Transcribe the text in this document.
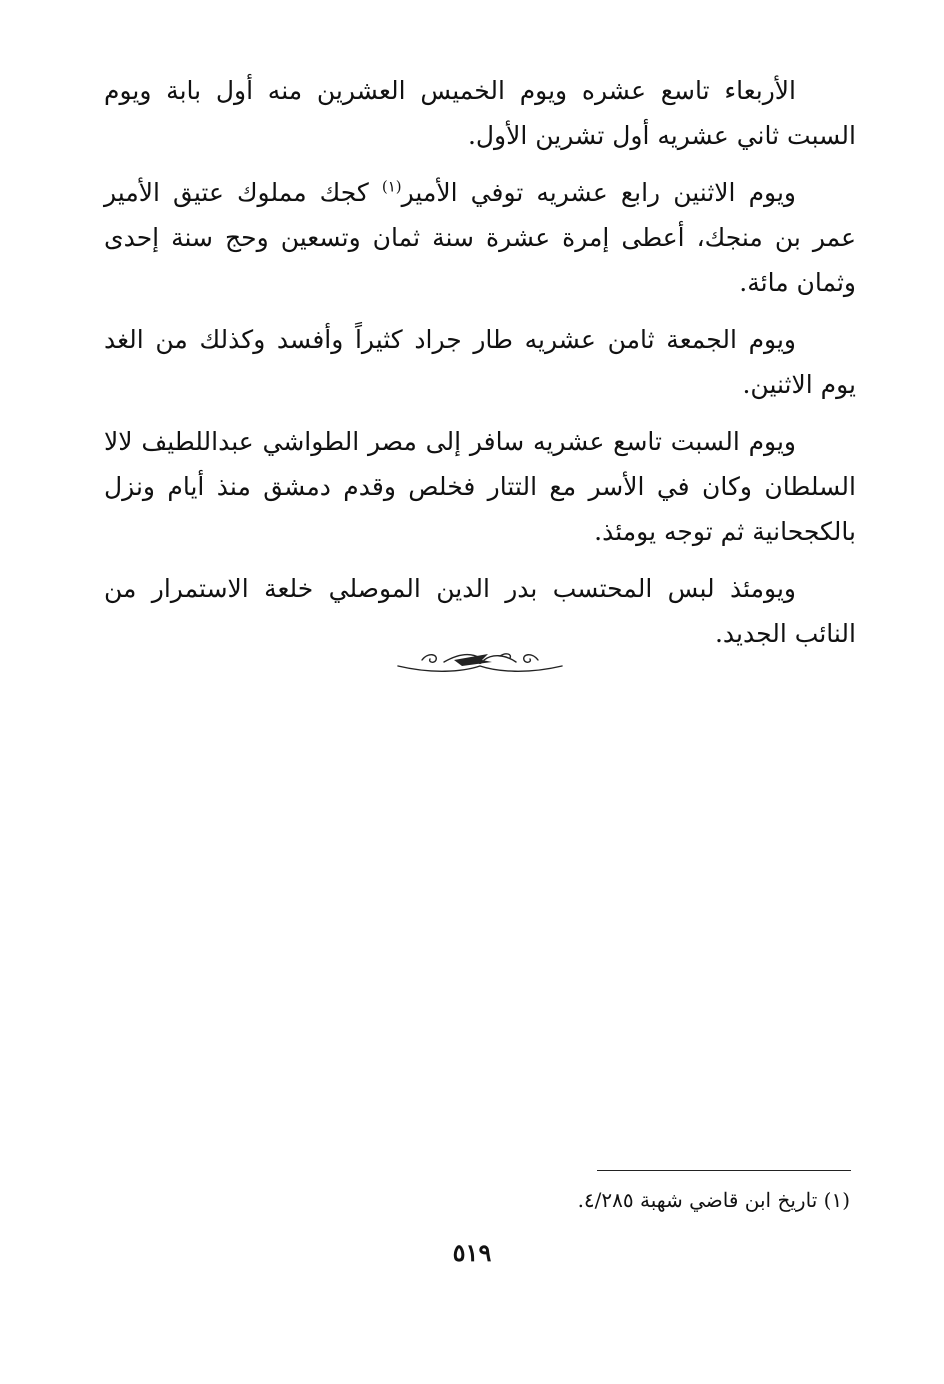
الأربعاء تاسع عشره ويوم الخميس العشرين منه أول بابة ويوم السبت ثاني عشريه أول تشرين الأول.

ويوم الاثنين رابع عشريه توفي الأمير$^{(١)}$ كجك مملوك عتيق الأمير عمر بن منجك، أعطى إمرة عشرة سنة ثمان وتسعين وحج سنة إحدى وثمان مائة.

ويوم الجمعة ثامن عشريه طار جراد كثيراً وأفسد وكذلك من الغد يوم الاثنين.

ويوم السبت تاسع عشريه سافر إلى مصر الطواشي عبداللطيف لالا السلطان وكان في الأسر مع التتار فخلص وقدم دمشق منذ أيام ونزل بالكجحانية ثم توجه يومئذ.

ويومئذ لبس المحتسب بدر الدين الموصلي خلعة الاستمرار من النائب الجديد.

(١) تاريخ ابن قاضي شهبة ٤/٢٨٥.
٥١٩
